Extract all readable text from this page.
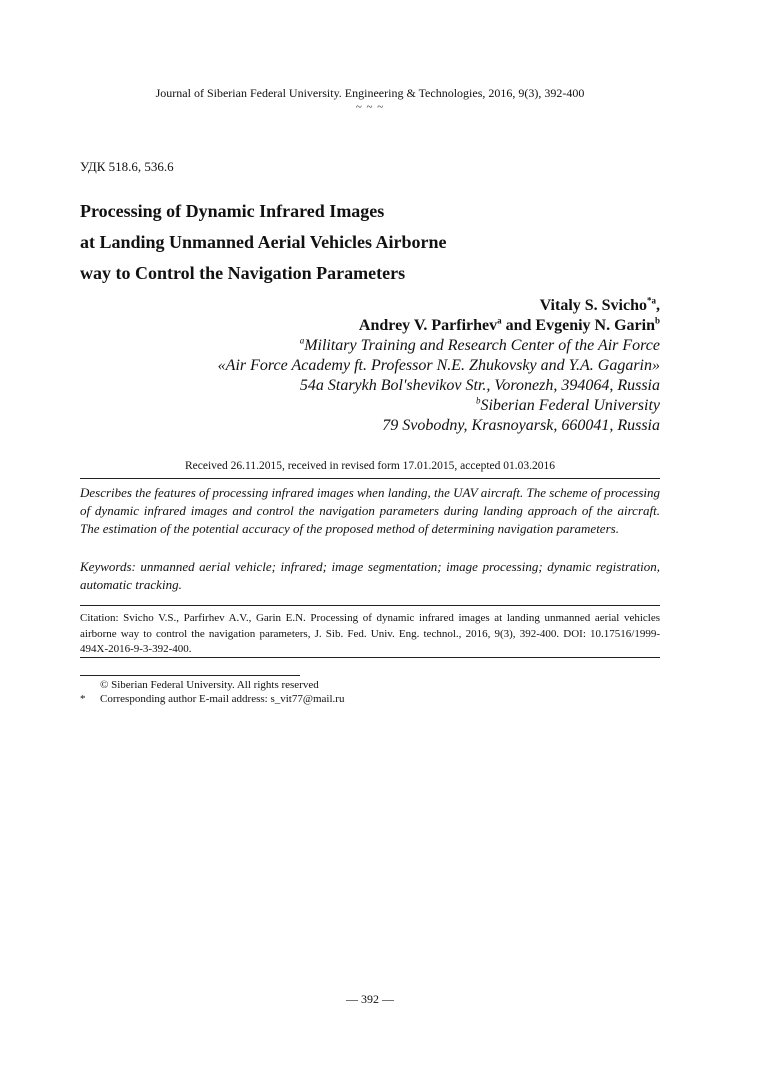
Journal of Siberian Federal University. Engineering & Technologies, 2016, 9(3), 392-400
~ ~ ~
УДК 518.6, 536.6
Processing of Dynamic Infrared Images
at Landing Unmanned Aerial Vehicles Airborne
way to Control the Navigation Parameters
Vitaly S. Svicho$^{*a}$,
Andrey V. Parfirhev$^a$ and Evgeniy N. Garin$^b$
$^a$Military Training and Research Center of the Air Force
«Air Force Academy ft. Professor N.E. Zhukovsky and Y.A. Gagarin»
54a Starykh Bol'shevikov Str., Voronezh, 394064, Russia
$^b$Siberian Federal University
79 Svobodny, Krasnoyarsk, 660041, Russia
Received 26.11.2015, received in revised form 17.01.2015, accepted 01.03.2016

Describes the features of processing infrared images when landing, the UAV aircraft. The scheme of processing of dynamic infrared images and control the navigation parameters during landing approach of the aircraft. The estimation of the potential accuracy of the proposed method of determining navigation parameters.

Keywords: unmanned aerial vehicle; infrared; image segmentation; image processing; dynamic registration, automatic tracking.

Citation: Svicho V.S., Parfirhev A.V., Garin E.N. Processing of dynamic infrared images at landing unmanned aerial vehicles airborne way to control the navigation parameters, J. Sib. Fed. Univ. Eng. technol., 2016, 9(3), 392-400. DOI: 10.17516/1999-494X-2016-9-3-392-400.

© Siberian Federal University. All rights reserved
*	Corresponding author E-mail address: s_vit77@mail.ru
— 392 —
